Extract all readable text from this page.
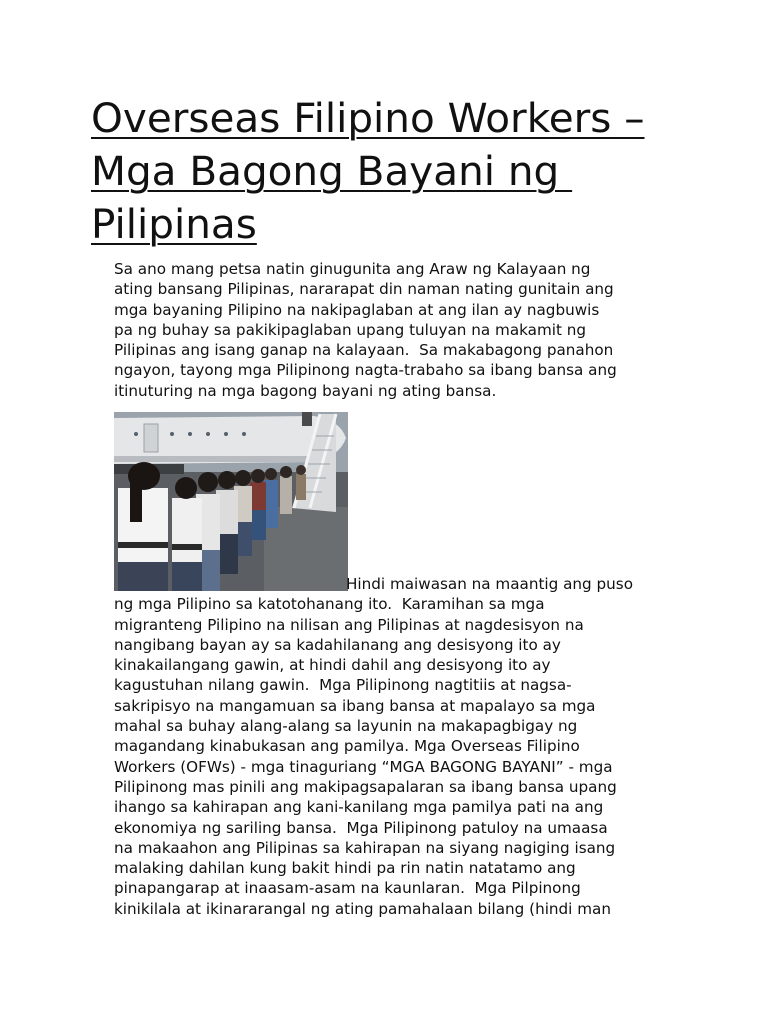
Overseas Filipino Workers –
Mga Bagong Bayani ng
Pilipinas

Sa ano mang petsa natin ginugunita ang Araw ng Kalayaan ng
ating bansang Pilipinas, nararapat din naman nating gunitain ang
mga bayaning Pilipino na nakipaglaban at ang ilan ay nagbuwis
pa ng buhay sa pakikipaglaban upang tuluyan na makamit ng
Pilipinas ang isang ganap na kalayaan.  Sa makabagong panahon
ngayon, tayong mga Pilipinong nagta-trabaho sa ibang bansa ang
itinuturing na mga bagong bayani ng ating bansa.

Hindi maiwasan na maantig ang puso
ng mga Pilipino sa katotohanang ito.  Karamihan sa mga
migranteng Pilipino na nilisan ang Pilipinas at nagdesisyon na
nangibang bayan ay sa kadahilanang ang desisyong ito ay
kinakailangang gawin, at hindi dahil ang desisyong ito ay
kagustuhan nilang gawin.  Mga Pilipinong nagtitiis at nagsa-
sakripisyo na mangamuan sa ibang bansa at mapalayo sa mga
mahal sa buhay alang-alang sa layunin na makapagbigay ng
magandang kinabukasan ang pamilya. Mga Overseas Filipino
Workers (OFWs) - mga tinaguriang “MGA BAGONG BAYANI” - mga
Pilipinong mas pinili ang makipagsapalaran sa ibang bansa upang
ihango sa kahirapan ang kani-kanilang mga pamilya pati na ang
ekonomiya ng sariling bansa.  Mga Pilipinong patuloy na umaasa
na makaahon ang Pilipinas sa kahirapan na siyang nagiging isang
malaking dahilan kung bakit hindi pa rin natin natatamo ang
pinapangarap at inaasam-asam na kaunlaran.  Mga Pilpinong
kinikilala at ikinararangal ng ating pamahalaan bilang (hindi man
